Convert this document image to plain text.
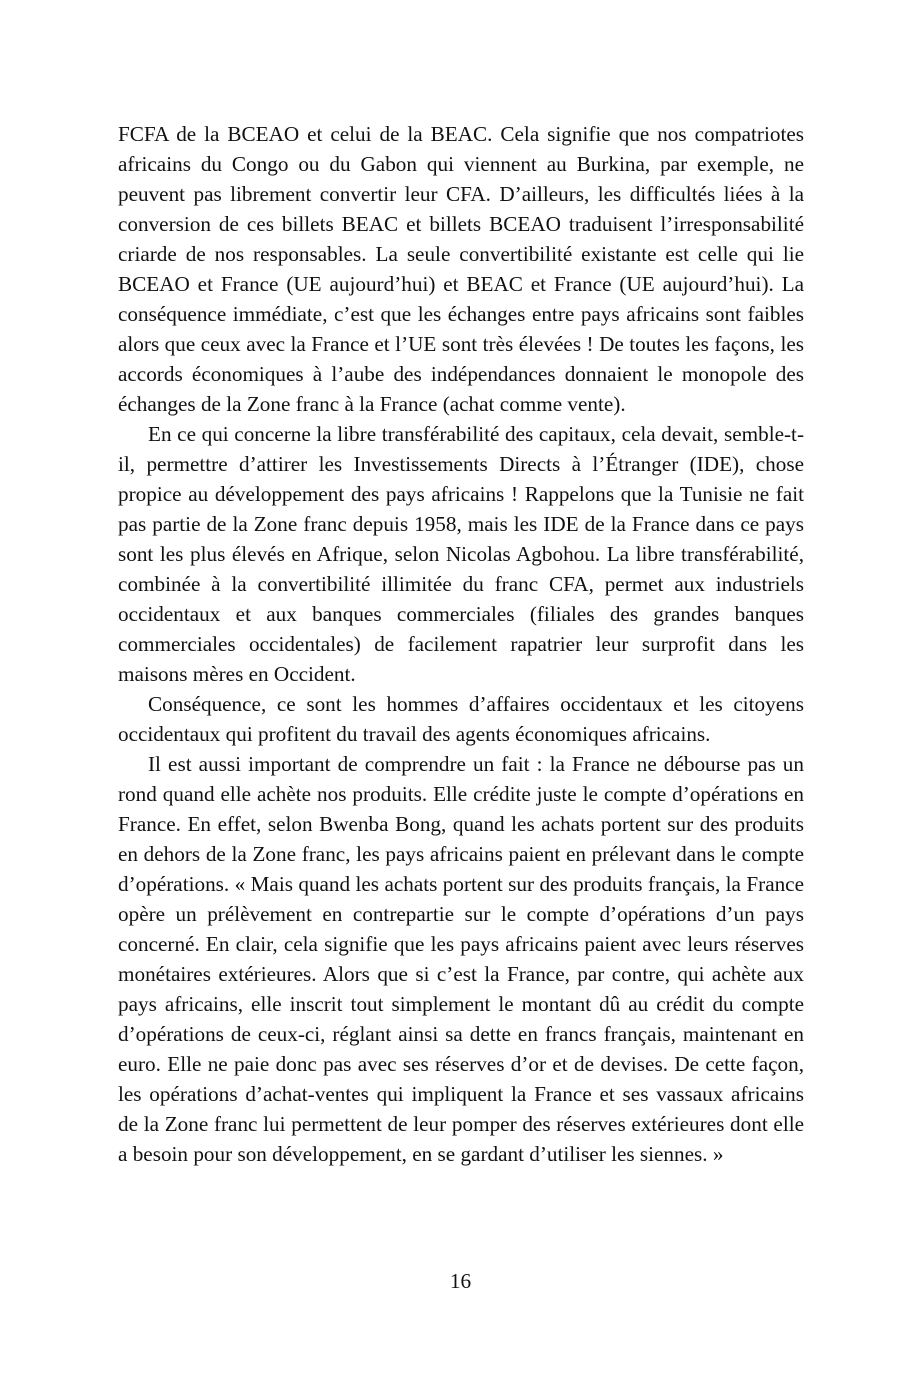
FCFA de la BCEAO et celui de la BEAC. Cela signifie que nos compatriotes africains du Congo ou du Gabon qui viennent au Burkina, par exemple, ne peuvent pas librement convertir leur CFA. D’ailleurs, les difficultés liées à la conversion de ces billets BEAC et billets BCEAO traduisent l’irresponsabilité criarde de nos responsables. La seule convertibilité existante est celle qui lie BCEAO et France (UE aujourd’hui) et BEAC et France (UE aujourd’hui). La conséquence immédiate, c’est que les échanges entre pays africains sont faibles alors que ceux avec la France et l’UE sont très élevées ! De toutes les façons, les accords économiques à l’aube des indépendances donnaient le monopole des échanges de la Zone franc à la France (achat comme vente).

En ce qui concerne la libre transférabilité des capitaux, cela devait, semble-t-il, permettre d’attirer les Investissements Directs à l’Étranger (IDE), chose propice au développement des pays africains ! Rappelons que la Tunisie ne fait pas partie de la Zone franc depuis 1958, mais les IDE de la France dans ce pays sont les plus élevés en Afrique, selon Nicolas Agbohou. La libre transférabilité, combinée à la convertibilité illimitée du franc CFA, permet aux industriels occidentaux et aux banques commerciales (filiales des grandes banques commerciales occidentales) de facilement rapatrier leur surprofit dans les maisons mères en Occident.

Conséquence, ce sont les hommes d’affaires occidentaux et les citoyens occidentaux qui profitent du travail des agents économiques africains.

Il est aussi important de comprendre un fait : la France ne débourse pas un rond quand elle achète nos produits. Elle crédite juste le compte d’opérations en France. En effet, selon Bwenba Bong, quand les achats portent sur des produits en dehors de la Zone franc, les pays africains paient en prélevant dans le compte d’opérations. « Mais quand les achats portent sur des produits français, la France opère un prélèvement en contrepartie sur le compte d’opérations d’un pays concerné. En clair, cela signifie que les pays africains paient avec leurs réserves monétaires extérieures. Alors que si c’est la France, par contre, qui achète aux pays africains, elle inscrit tout simplement le montant dû au crédit du compte d’opérations de ceux-ci, réglant ainsi sa dette en francs français, maintenant en euro. Elle ne paie donc pas avec ses réserves d’or et de devises. De cette façon, les opérations d’achat-ventes qui impliquent la France et ses vassaux africains de la Zone franc lui permettent de leur pomper des réserves extérieures dont elle a besoin pour son développement, en se gardant d’utiliser les siennes. »

16
